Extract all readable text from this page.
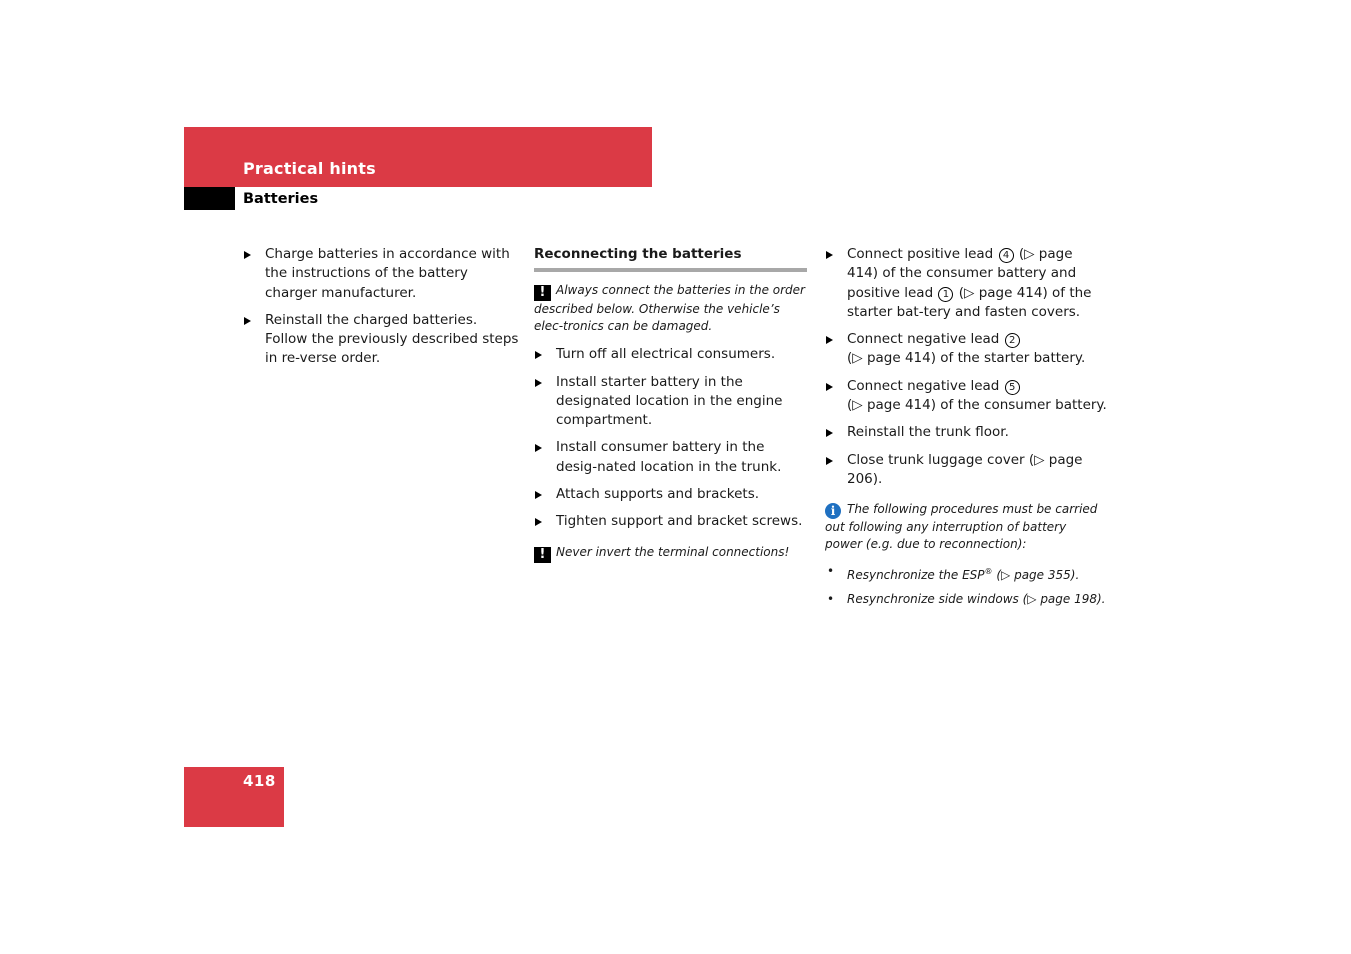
Practical hints
Batteries
Charge batteries in accordance with the instructions of the battery charger manufacturer.
Reinstall the charged batteries. Follow the previously described steps in re-verse order.
Reconnecting the batteries
! Always connect the batteries in the order described below. Otherwise the vehicle’s elec-tronics can be damaged.
Turn off all electrical consumers.
Install starter battery in the designated location in the engine compartment.
Install consumer battery in the desig-nated location in the trunk.
Attach supports and brackets.
Tighten support and bracket screws.
! Never invert the terminal connections!
Connect positive lead 4 (▷ page 414) of the consumer battery and positive lead 1 (▷ page 414) of the starter bat-tery and fasten covers.
Connect negative lead 2
(▷ page 414) of the starter battery.
Connect negative lead 5
(▷ page 414) of the consumer battery.
Reinstall the trunk floor.
Close trunk luggage cover (▷ page 206).
i The following procedures must be carried out following any interruption of battery power (e.g. due to reconnection):
• Resynchronize the ESP® (▷ page 355).
• Resynchronize side windows (▷ page 198).
418
